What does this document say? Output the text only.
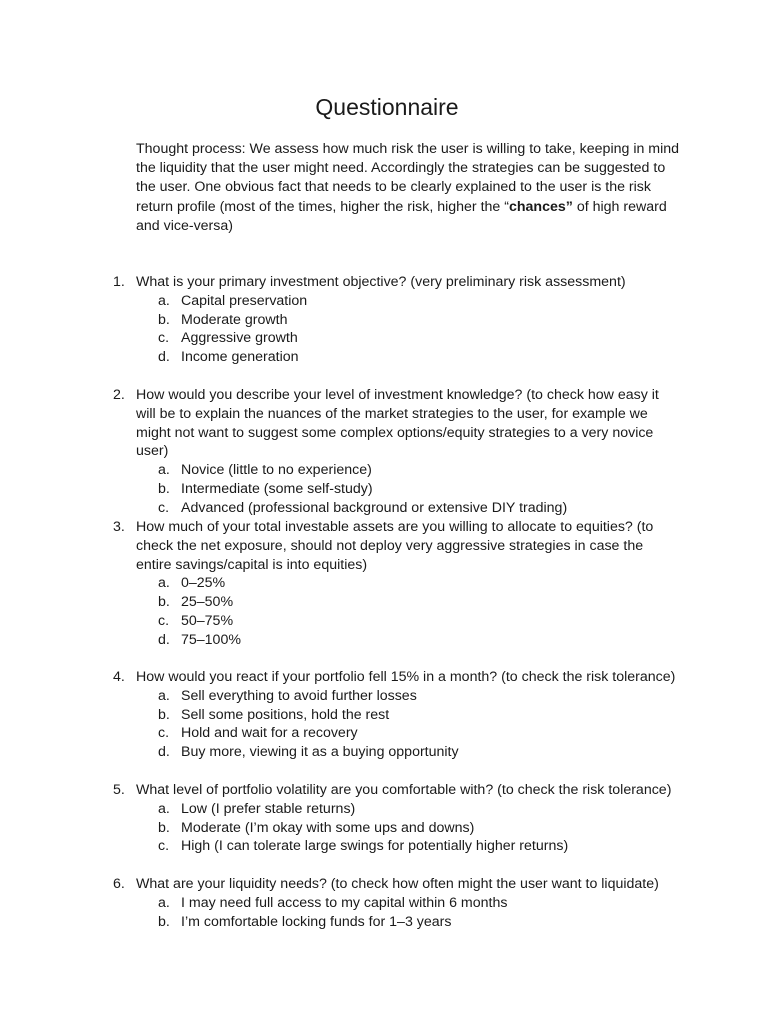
Questionnaire

Thought process: We assess how much risk the user is willing to take, keeping in mind the liquidity that the user might need. Accordingly the strategies can be suggested to the user. One obvious fact that needs to be clearly explained to the user is the risk return profile (most of the times, higher the risk, higher the “chances” of high reward and vice-versa)

1. What is your primary investment objective? (very preliminary risk assessment)
a. Capital preservation
b. Moderate growth
c. Aggressive growth
d. Income generation
2. How would you describe your level of investment knowledge? (to check how easy it will be to explain the nuances of the market strategies to the user, for example we might not want to suggest some complex options/equity strategies to a very novice user)
a. Novice (little to no experience)
b. Intermediate (some self-study)
c. Advanced (professional background or extensive DIY trading)
3. How much of your total investable assets are you willing to allocate to equities? (to check the net exposure, should not deploy very aggressive strategies in case the entire savings/capital is into equities)
a. 0–25%
b. 25–50%
c. 50–75%
d. 75–100%
4. How would you react if your portfolio fell 15% in a month? (to check the risk tolerance)
a. Sell everything to avoid further losses
b. Sell some positions, hold the rest
c. Hold and wait for a recovery
d. Buy more, viewing it as a buying opportunity
5. What level of portfolio volatility are you comfortable with? (to check the risk tolerance)
a. Low (I prefer stable returns)
b. Moderate (I’m okay with some ups and downs)
c. High (I can tolerate large swings for potentially higher returns)
6. What are your liquidity needs? (to check how often might the user want to liquidate)
a. I may need full access to my capital within 6 months
b. I’m comfortable locking funds for 1–3 years
